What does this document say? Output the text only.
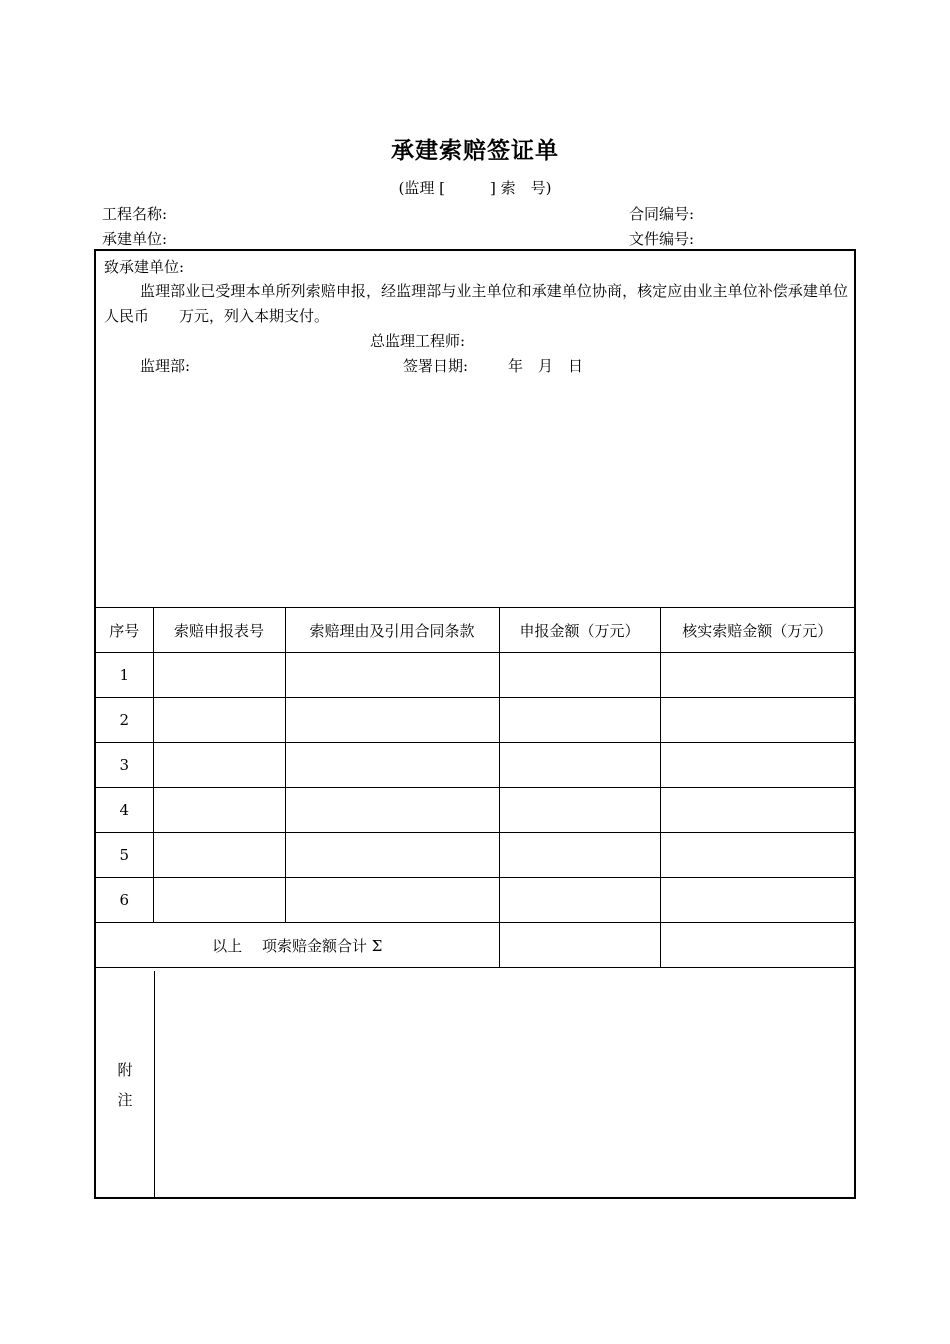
承建索赔签证单
(监理 [　　　] 索　号)
工程名称:	合同编号:
承建单位:	文件编号:
致承建单位:
监理部业已受理本单所列索赔申报，经监理部与业主单位和承建单位协商，核定应由业主单位补偿承建单位人民币　　万元，列入本期支付。
总监理工程师:
监理部:	签署日期:	年　月　日
序号	索赔申报表号	索赔理由及引用合同条款	申报金额（万元）	核实索赔金额（万元）
1				
2				
3				
4				
5				
6				
以上　 项索赔金额合计 Σ				
附
注
